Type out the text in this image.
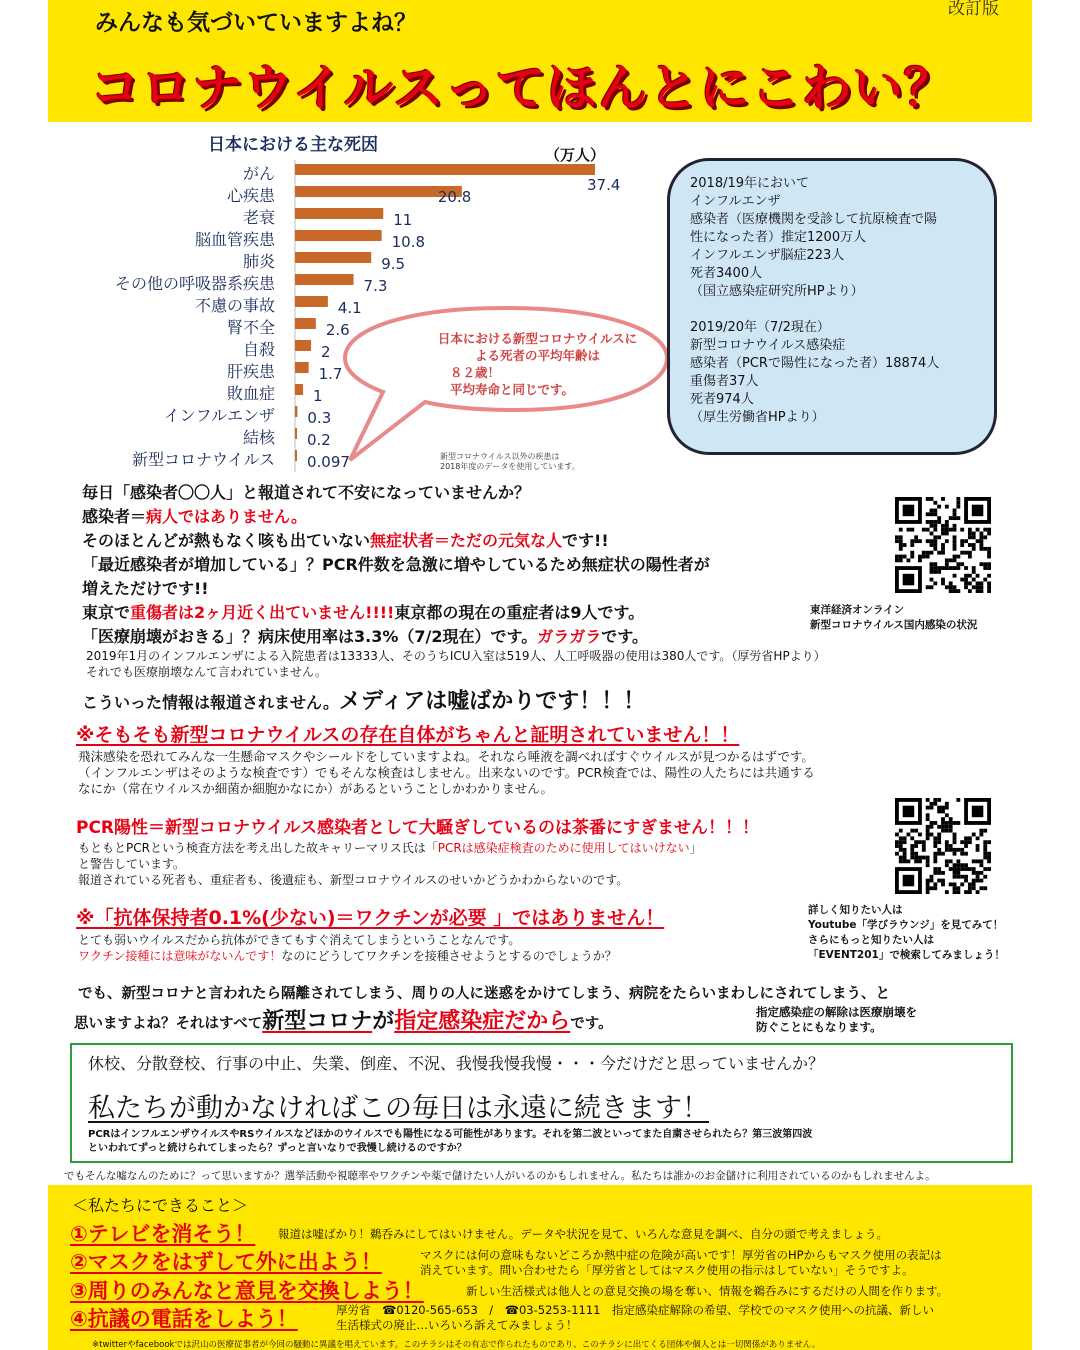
みんなも気づいていますよね？
改訂版
コロナウイルスってほんとにこわい？
日本における主な死因	（万人）
がん
37.4
心疾患	20.8
老衰	11
脳血管疾患	10.8
肺炎	9.5
その他の呼吸器系疾患	7.3
不慮の事故	4.1
腎不全	2.6
自殺	2
肝疾患	1.7
敗血症	1
インフルエンザ 0.3
結核 0.2
新型コロナウイルス 0.097	新型コロナウイルス以外の疾患は
2018年度のデータを使用しています。
日本における新型コロナウイルスに
よる死者の平均年齢は
８２歳！
平均寿命と同じです。
2018/19年において
インフルエンザ
感染者（医療機関を受診して抗原検査で陽
性になった者）推定1200万人
インフルエンザ脳症223人
死者3400人
（国立感染症研究所HPより）
2019/20年（7/2現在）
新型コロナウイルス感染症
感染者（PCRで陽性になった者）18874人
重傷者37人
死者974人
（厚生労働省HPより）
毎日「感染者〇〇人」と報道されて不安になっていませんか？
感染者＝病人ではありません。
そのほとんどが熱もなく咳も出ていない無症状者＝ただの元気な人です!!
「最近感染者が増加している」？PCR件数を急激に増やしているため無症状の陽性者が
増えただけです!!
東京で重傷者は2ヶ月近く出ていません!!!!東京都の現在の重症者は9人です。
「医療崩壊がおきる」？病床使用率は3.3%（7/2現在）です。ガラガラです。
2019年1月のインフルエンザによる入院患者は13333人、そのうちICU入室は519人、人工呼吸器の使用は380人です。（厚労省HPより）
それでも医療崩壊なんて言われていません。
こういった情報は報道されません。メディアは嘘ばかりです！！！
東洋経済オンライン
新型コロナウイルス国内感染の状況
※そもそも新型コロナウイルスの存在自体がちゃんと証明されていません！！
飛沫感染を恐れてみんな一生懸命マスクやシールドをしていますよね。それなら唾液を調べればすぐウイルスが見つかるはずです。
（インフルエンザはそのような検査です）でもそんな検査はしません。出来ないのです。PCR検査では、陽性の人たちには共通する
なにか（常在ウイルスか細菌か細胞かなにか）があるということしかわかりません。
PCR陽性＝新型コロナウイルス感染者として大騒ぎしているのは茶番にすぎません！！！
もともとPCRという検査方法を考え出した故キャリーマリス氏は「PCRは感染症検査のために使用してはいけない」
と警告しています。
報道されている死者も、重症者も、後遺症も、新型コロナウイルスのせいかどうかわからないのです。
※「抗体保持者0.1%(少ない)＝ワクチンが必要 」ではありません！
とても弱いウイルスだから抗体ができてもすぐ消えてしまうということなんです。
ワクチン接種には意味がないんです！なのにどうしてワクチンを接種させようとするのでしょうか？
詳しく知りたい人は
Youtube「学びラウンジ」を見てみて！
さらにもっと知りたい人は
「EVENT201」で検索してみましょう！
でも、新型コロナと言われたら隔離されてしまう、周りの人に迷惑をかけてしまう、病院をたらいまわしにされてしまう、と
思いますよね？それはすべて新型コロナが指定感染症だからです。
指定感染症の解除は医療崩壊を
防ぐことにもなります。
休校、分散登校、行事の中止、失業、倒産、不況、我慢我慢我慢・・・今だけだと思っていませんか？
私たちが動かなければこの毎日は永遠に続きます！
PCRはインフルエンザウイルスやRSウイルスなどほかのウイルスでも陽性になる可能性があります。それを第二波といってまた自粛させられたら？第三波第四波
といわれてずっと続けられてしまったら？ずっと言いなりで我慢し続けるのですか？
でもそんな嘘なんのために？って思いますか？選挙活動や視聴率やワクチンや薬で儲けたい人がいるのかもしれません。私たちは誰かのお金儲けに利用されているのかもしれませんよ。
＜私たちにできること＞
①テレビを消そう！ 報道は嘘ばかり！鵜呑みにしてはいけません。データや状況を見て、いろんな意見を調べ、自分の頭で考えましょう。
②マスクをはずして外に出よう！	マスクには何の意味もないどころか熱中症の危険が高いです！厚労省のHPからもマスク使用の表記は
消えています。問い合わせたら「厚労省としてはマスク使用の指示はしていない」そうですよ。
③周りのみんなと意見を交換しよう！	新しい生活様式は他人との意見交換の場を奪い、情報を鵜呑みにするだけの人間を作ります。
④抗議の電話をしよう！	厚労省　☎0120-565-653　/　☎03-5253-1111　指定感染症解除の希望、学校でのマスク使用への抗議、新しい
生活様式の廃止…いろいろ訴えてみましょう！
※twitterやfacebookでは沢山の医療従事者が今回の騒動に異議を唱えています。このチラシはその有志で作られたものであり、このチラシに出てくる団体や個人とは一切関係がありません。
